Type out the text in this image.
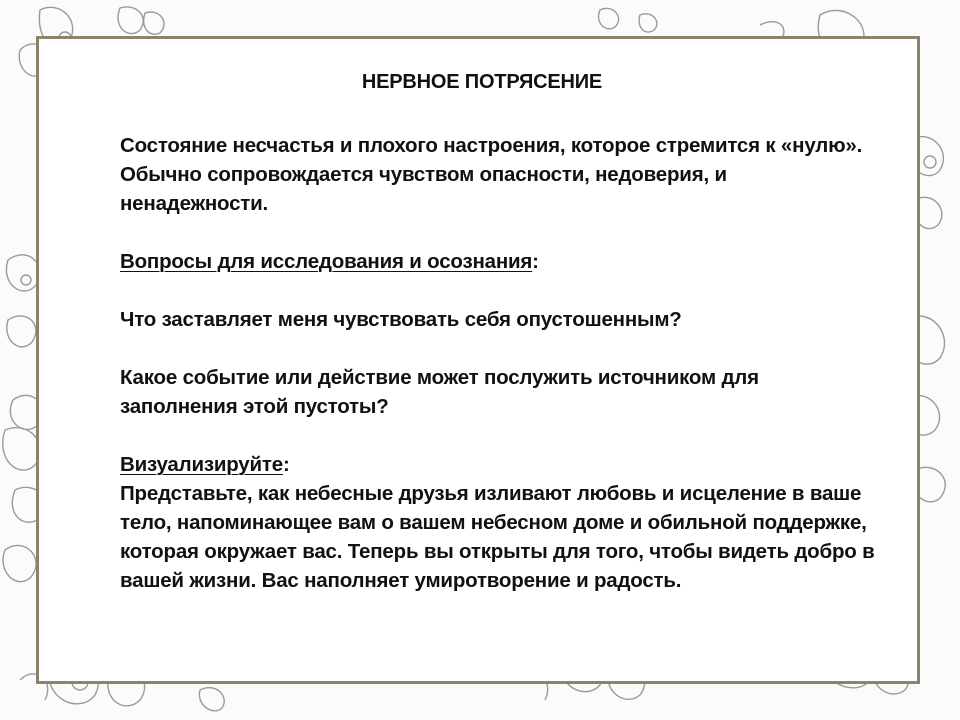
НЕРВНОЕ ПОТРЯСЕНИЕ

Состояние несчастья и плохого настроения, которое стремится к «нулю». Обычно сопровождается чувством опасности, недоверия, и ненадежности.

Вопросы для исследования и осознания:

Что заставляет меня чувствовать себя опустошенным?

Какое событие или действие может послужить источником для заполнения этой пустоты?

Визуализируйте:

Представьте, как небесные друзья изливают любовь и исцеление в ваше тело, напоминающее вам о вашем небесном доме и обильной поддержке, которая окружает вас. Теперь вы открыты для того, чтобы видеть добро в вашей жизни. Вас наполняет умиротворение и радость.
